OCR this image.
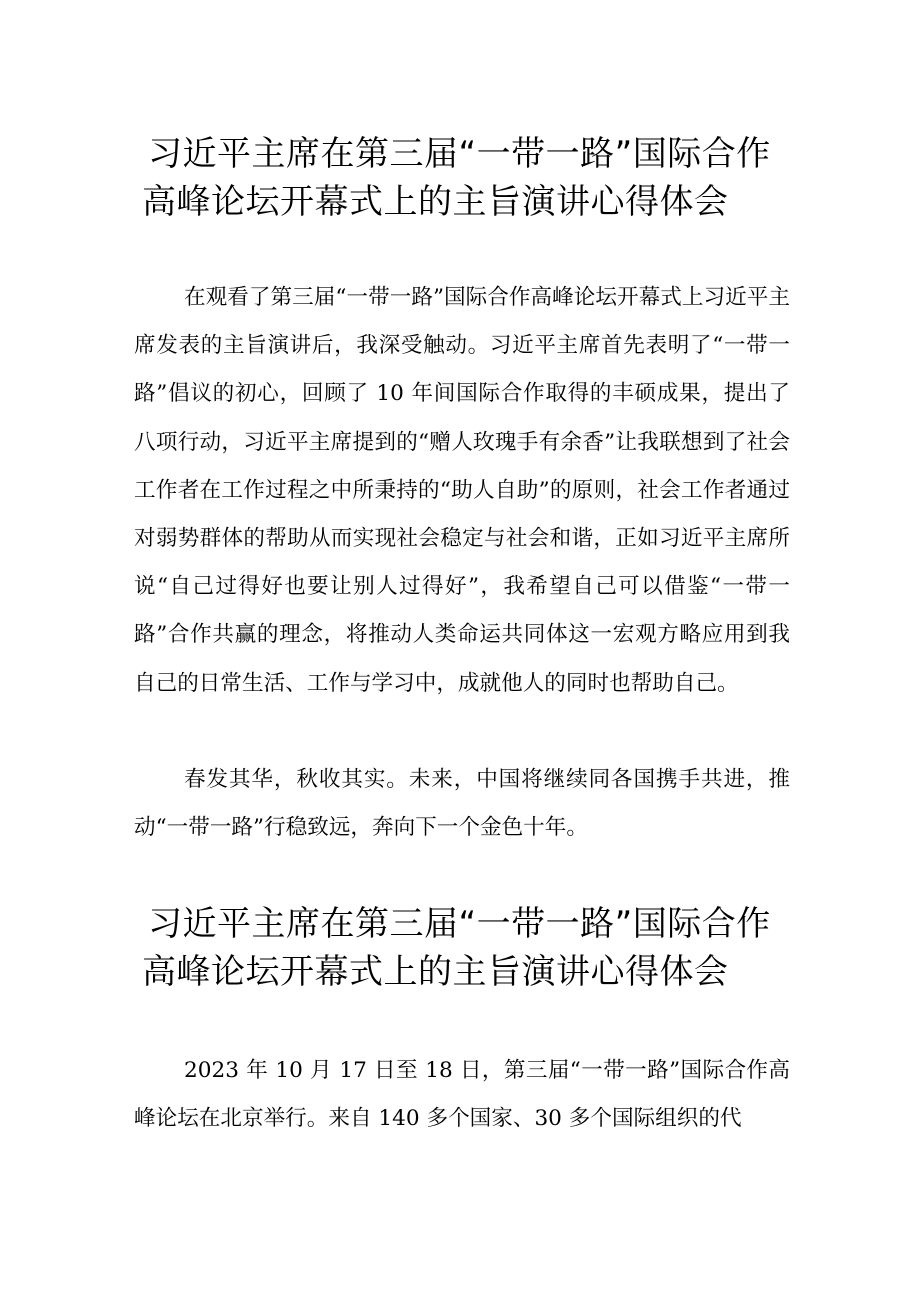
习近平主席在第三届“一带一路”国际合作
高峰论坛开幕式上的主旨演讲心得体会

在观看了第三届“一带一路”国际合作高峰论坛开幕式上习近平主席发表的主旨演讲后，我深受触动。习近平主席首先表明了“一带一路”倡议的初心，回顾了 10 年间国际合作取得的丰硕成果，提出了八项行动，习近平主席提到的“赠人玫瑰手有余香”让我联想到了社会工作者在工作过程之中所秉持的“助人自助”的原则，社会工作者通过对弱势群体的帮助从而实现社会稳定与社会和谐，正如习近平主席所说“自己过得好也要让别人过得好”，我希望自己可以借鉴“一带一路”合作共赢的理念，将推动人类命运共同体这一宏观方略应用到我自己的日常生活、工作与学习中，成就他人的同时也帮助自己。

春发其华，秋收其实。未来，中国将继续同各国携手共进，推动“一带一路”行稳致远，奔向下一个金色十年。

习近平主席在第三届“一带一路”国际合作
高峰论坛开幕式上的主旨演讲心得体会

2023 年 10 月 17 日至 18 日，第三届“一带一路”国际合作高峰论坛在北京举行。来自 140 多个国家、30 多个国际组织的代
